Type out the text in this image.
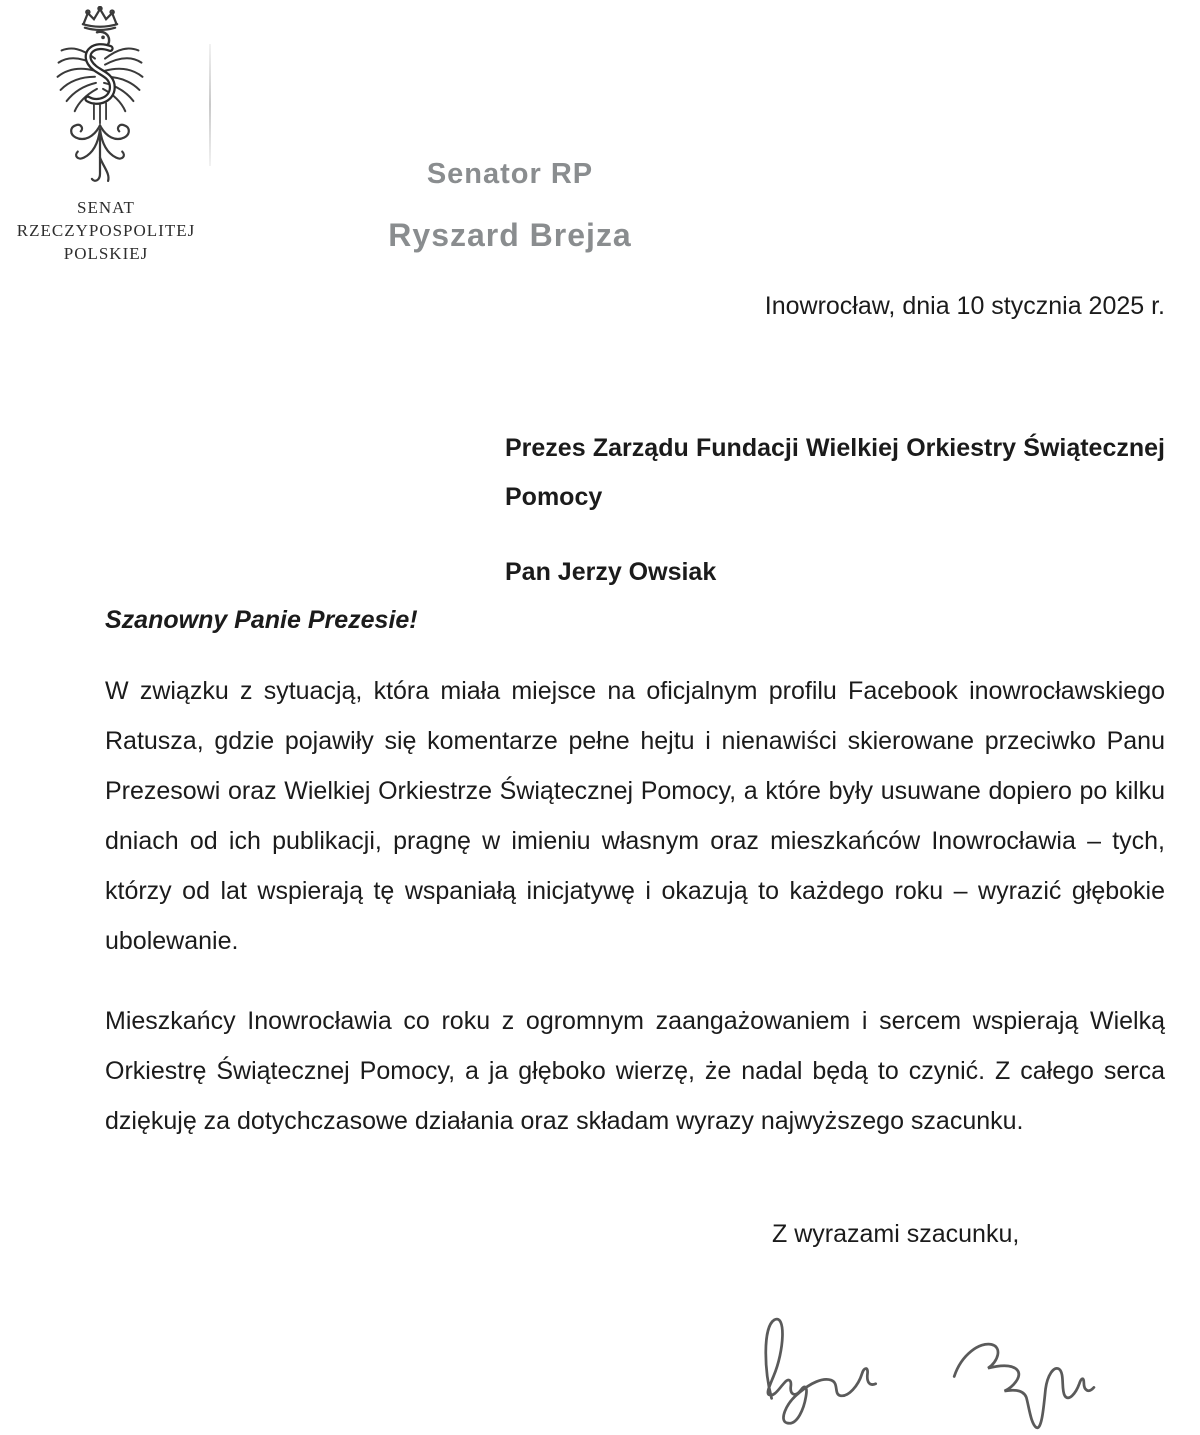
SENAT
RZECZYPOSPOLITEJ
POLSKIEJ
Senator RP
Ryszard Brejza
Inowrocław, dnia 10 stycznia 2025 r.
Prezes Zarządu Fundacji Wielkiej Orkiestry Świątecznej Pomocy
Pan Jerzy Owsiak
Szanowny Panie Prezesie!
W związku z sytuacją, która miała miejsce na oficjalnym profilu Facebook inowrocławskiego Ratusza, gdzie pojawiły się komentarze pełne hejtu i nienawiści skierowane przeciwko Panu Prezesowi oraz Wielkiej Orkiestrze Świątecznej Pomocy, a które były usuwane dopiero po kilku dniach od ich publikacji, pragnę w imieniu własnym oraz mieszkańców Inowrocławia – tych, którzy od lat wspierają tę wspaniałą inicjatywę i okazują to każdego roku – wyrazić głębokie ubolewanie.
Mieszkańcy Inowrocławia co roku z ogromnym zaangażowaniem i sercem wspierają Wielką Orkiestrę Świątecznej Pomocy, a ja głęboko wierzę, że nadal będą to czynić. Z całego serca dziękuję za dotychczasowe działania oraz składam wyrazy najwyższego szacunku.
Z wyrazami szacunku,
